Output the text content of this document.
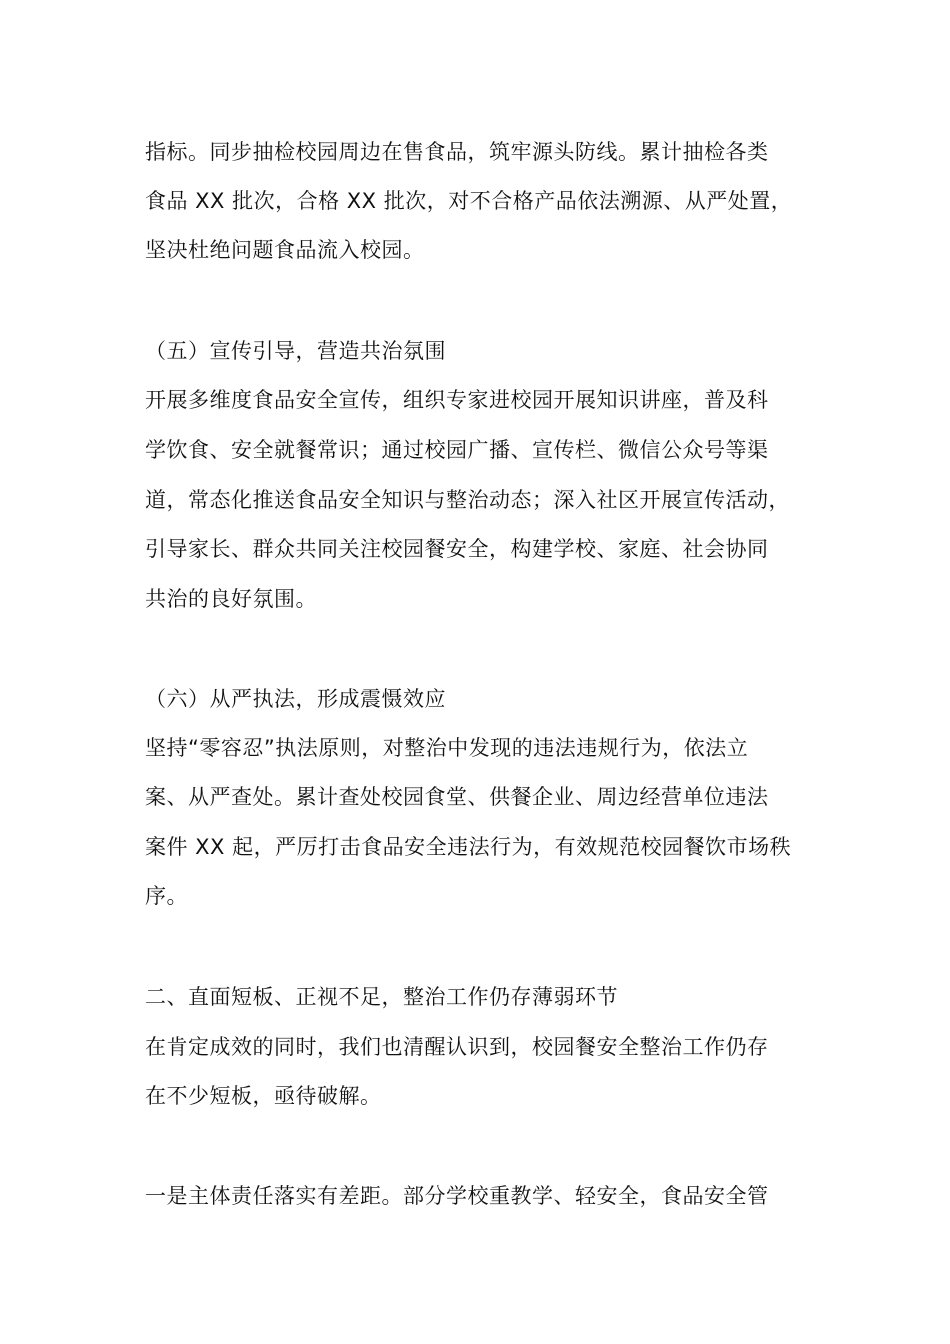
指标。同步抽检校园周边在售食品，筑牢源头防线。累计抽检各类
食品 XX 批次，合格 XX 批次，对不合格产品依法溯源、从严处置，
坚决杜绝问题食品流入校园。
（五）宣传引导，营造共治氛围
开展多维度食品安全宣传，组织专家进校园开展知识讲座，普及科
学饮食、安全就餐常识；通过校园广播、宣传栏、微信公众号等渠
道，常态化推送食品安全知识与整治动态；深入社区开展宣传活动，
引导家长、群众共同关注校园餐安全，构建学校、家庭、社会协同
共治的良好氛围。
（六）从严执法，形成震慑效应
坚持“零容忍”执法原则，对整治中发现的违法违规行为，依法立
案、从严查处。累计查处校园食堂、供餐企业、周边经营单位违法
案件 XX 起，严厉打击食品安全违法行为，有效规范校园餐饮市场秩
序。
二、直面短板、正视不足，整治工作仍存薄弱环节
在肯定成效的同时，我们也清醒认识到，校园餐安全整治工作仍存
在不少短板，亟待破解。
一是主体责任落实有差距。部分学校重教学、轻安全，食品安全管
